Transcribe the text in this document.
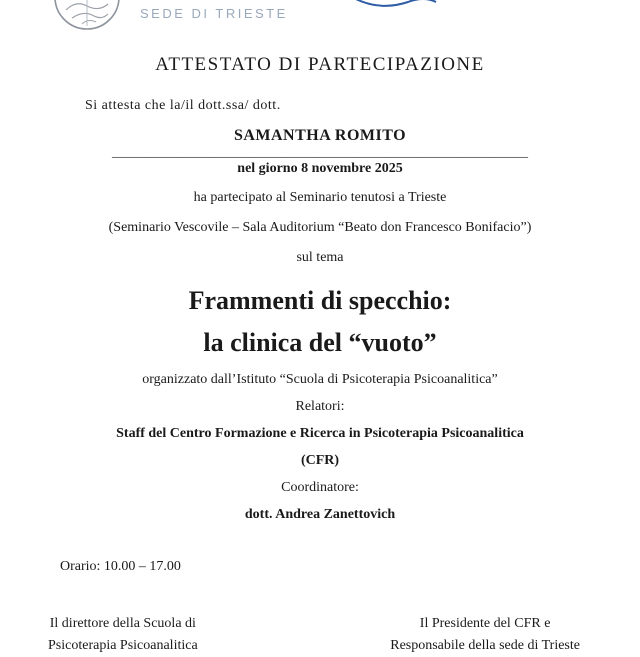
SEDE DI TRIESTE
ATTESTATO DI PARTECIPAZIONE
Si attesta che la/il dott.ssa/ dott.
SAMANTHA ROMITO
________________________________________________________________
nel giorno 8 novembre 2025
ha partecipato al Seminario tenutosi a Trieste
(Seminario Vescovile – Sala Auditorium “Beato don Francesco Bonifacio”)
sul tema
Frammenti di specchio:
la clinica del “vuoto”
organizzato dall’Istituto “Scuola di Psicoterapia Psicoanalitica”
Relatori:
Staff del Centro Formazione e Ricerca in Psicoterapia Psicoanalitica
(CFR)
Coordinatore:
dott. Andrea Zanettovich
Orario: 10.00 – 17.00
Il direttore della Scuola di
Psicoterapia Psicoanalitica
Il Presidente del CFR e
Responsabile della sede di Trieste
